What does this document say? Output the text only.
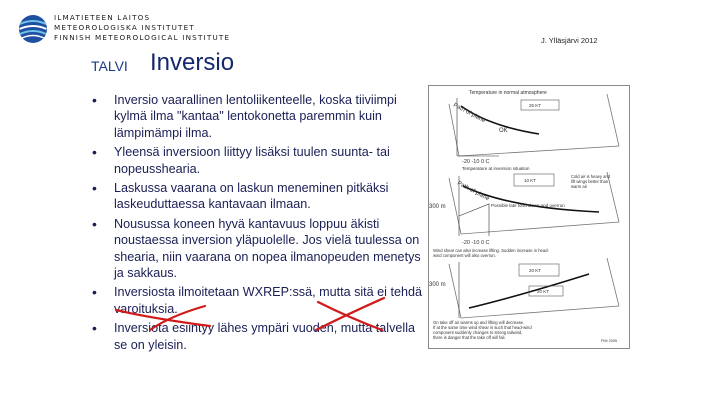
ILMATIETEEN LAITOS
METEOROLOGISKA INSTITUTET
FINNISH METEOROLOGICAL INSTITUTE	J. Ylläsjärvi 2012
TALVI Inversio
• Inversio vaarallinen lentoliikenteelle, koska tiiviimpi kylmä ilma "kantaa" lentokonetta paremmin kuin lämpimämpi ilma.
• Yleensä inversioon liittyy lisäksi tuulen suunta- tai nopeusshearia.
• Laskussa vaarana on laskun meneminen pitkäksi laskeuduttaessa kantavaan ilmaan.
• Nousussa koneen hyvä kantavuus loppuu äkisti noustaessa inversion yläpuolelle. Jos vielä tuulessa on shearia, niin vaarana on nopea ilmanopeuden menetys ja sakkaus.
• Inversiosta ilmoitetaan WXREP:ssä, mutta sitä ei tehdä varoituksia.
• Inversiota esiintyy lähes ympäri vuoden, mutta talvella se on yleisin.
Temperature in normal atmosphere
Path of plane
OK
25 KT
-20 -10 0 C
Temperature at inversion situation
10 KT
Cold air is heavy and lift wings better than warm air
Path of plane
Possible late touchdown and overrun
300 m
-20 -10 0 C
Wind shear can also increase lifting. Sudden increase in head- wind component will also overrun.
20 KT
300 m
20 KT
On take off air warms up and lifting will decrease. If at the same time wind shear is such that head-wind component suddenly changes to strong tailwind, there is danger that the take off will fail.
FMI 2005
